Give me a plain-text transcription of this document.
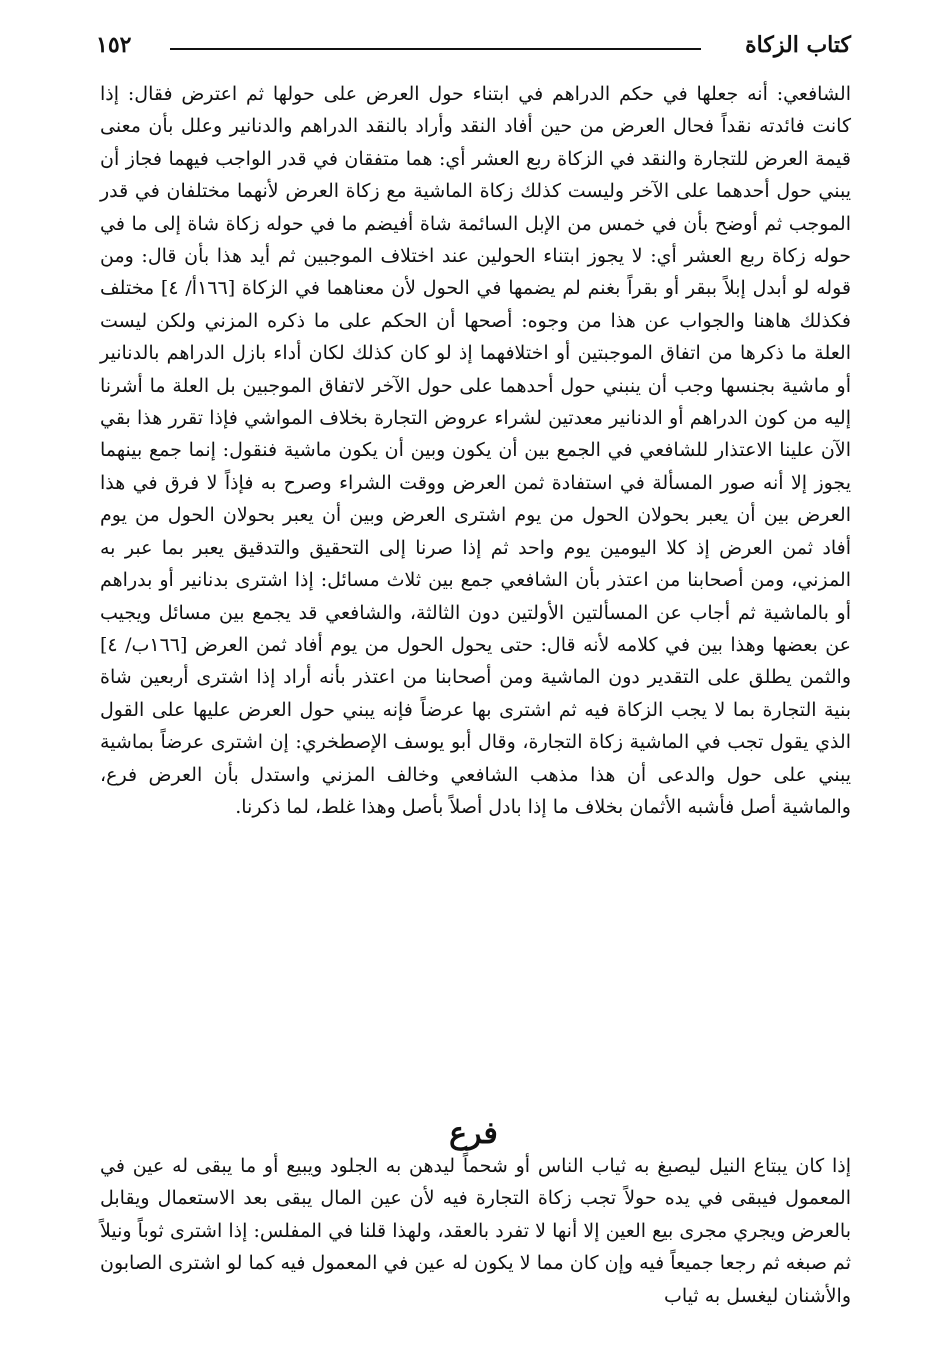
كتاب الزكاة
١٥٢

الشافعي: أنه جعلها في حكم الدراهم في ابتناء حول العرض على حولها ثم اعترض فقال: إذا كانت فائدته نقداً فحال العرض من حين أفاد النقد وأراد بالنقد الدراهم والدنانير وعلل بأن معنى قيمة العرض للتجارة والنقد في الزكاة ربع العشر أي: هما متفقان في قدر الواجب فيهما فجاز أن يبني حول أحدهما على الآخر وليست كذلك زكاة الماشية مع زكاة العرض لأنهما مختلفان في قدر الموجب ثم أوضح بأن في خمس من الإبل السائمة شاة أفيضم ما في حوله زكاة شاة إلى ما في حوله زكاة ربع العشر أي: لا يجوز ابتناء الحولين عند اختلاف الموجبين ثم أيد هذا بأن قال: ومن قوله لو أبدل إبلاً ببقر أو بقراً بغنم لم يضمها في الحول لأن معناهما في الزكاة [١٦٦أ/ ٤] مختلف فكذلك هاهنا والجواب عن هذا من وجوه: أصحها أن الحكم على ما ذكره المزني ولكن ليست العلة ما ذكرها من اتفاق الموجبتين أو اختلافهما إذ لو كان كذلك لكان أداء بازل الدراهم بالدنانير أو ماشية بجنسها وجب أن ينبني حول أحدهما على حول الآخر لاتفاق الموجبين بل العلة ما أشرنا إليه من كون الدراهم أو الدنانير معدتين لشراء عروض التجارة بخلاف المواشي فإذا تقرر هذا بقي الآن علينا الاعتذار للشافعي في الجمع بين أن يكون وبين أن يكون ماشية فنقول: إنما جمع بينهما يجوز إلا أنه صور المسألة في استفادة ثمن العرض ووقت الشراء وصرح به فإذاً لا فرق في هذا العرض بين أن يعبر بحولان الحول من يوم اشترى العرض وبين أن يعبر بحولان الحول من يوم أفاد ثمن العرض إذ كلا اليومين يوم واحد ثم إذا صرنا إلى التحقيق والتدقيق يعبر بما عبر به المزني، ومن أصحابنا من اعتذر بأن الشافعي جمع بين ثلاث مسائل: إذا اشترى بدنانير أو بدراهم أو بالماشية ثم أجاب عن المسألتين الأولتين دون الثالثة، والشافعي قد يجمع بين مسائل ويجيب عن بعضها وهذا بين في كلامه لأنه قال: حتى يحول الحول من يوم أفاد ثمن العرض [١٦٦ب/ ٤] والثمن يطلق على التقدير دون الماشية ومن أصحابنا من اعتذر بأنه أراد إذا اشترى أربعين شاة بنية التجارة بما لا يجب الزكاة فيه ثم اشترى بها عرضاً فإنه يبني حول العرض عليها على القول الذي يقول تجب في الماشية زكاة التجارة، وقال أبو يوسف الإصطخري: إن اشترى عرضاً بماشية يبني على حول والدعى أن هذا مذهب الشافعي وخالف المزني واستدل بأن العرض فرع، والماشية أصل فأشبه الأثمان بخلاف ما إذا بادل أصلاً بأصل وهذا غلط، لما ذكرنا.

فرع

إذا كان يبتاع النيل ليصبغ به ثياب الناس أو شحماً ليدهن به الجلود ويبيع أو ما يبقى له عين في المعمول فيبقى في يده حولاً تجب زكاة التجارة فيه لأن عين المال يبقى بعد الاستعمال ويقابل بالعرض ويجري مجرى بيع العين إلا أنها لا تفرد بالعقد، ولهذا قلنا في المفلس: إذا اشترى ثوباً ونيلاً ثم صبغه ثم رجعا جميعاً فيه وإن كان مما لا يكون له عين في المعمول فيه كما لو اشترى الصابون والأشنان ليغسل به ثياب
